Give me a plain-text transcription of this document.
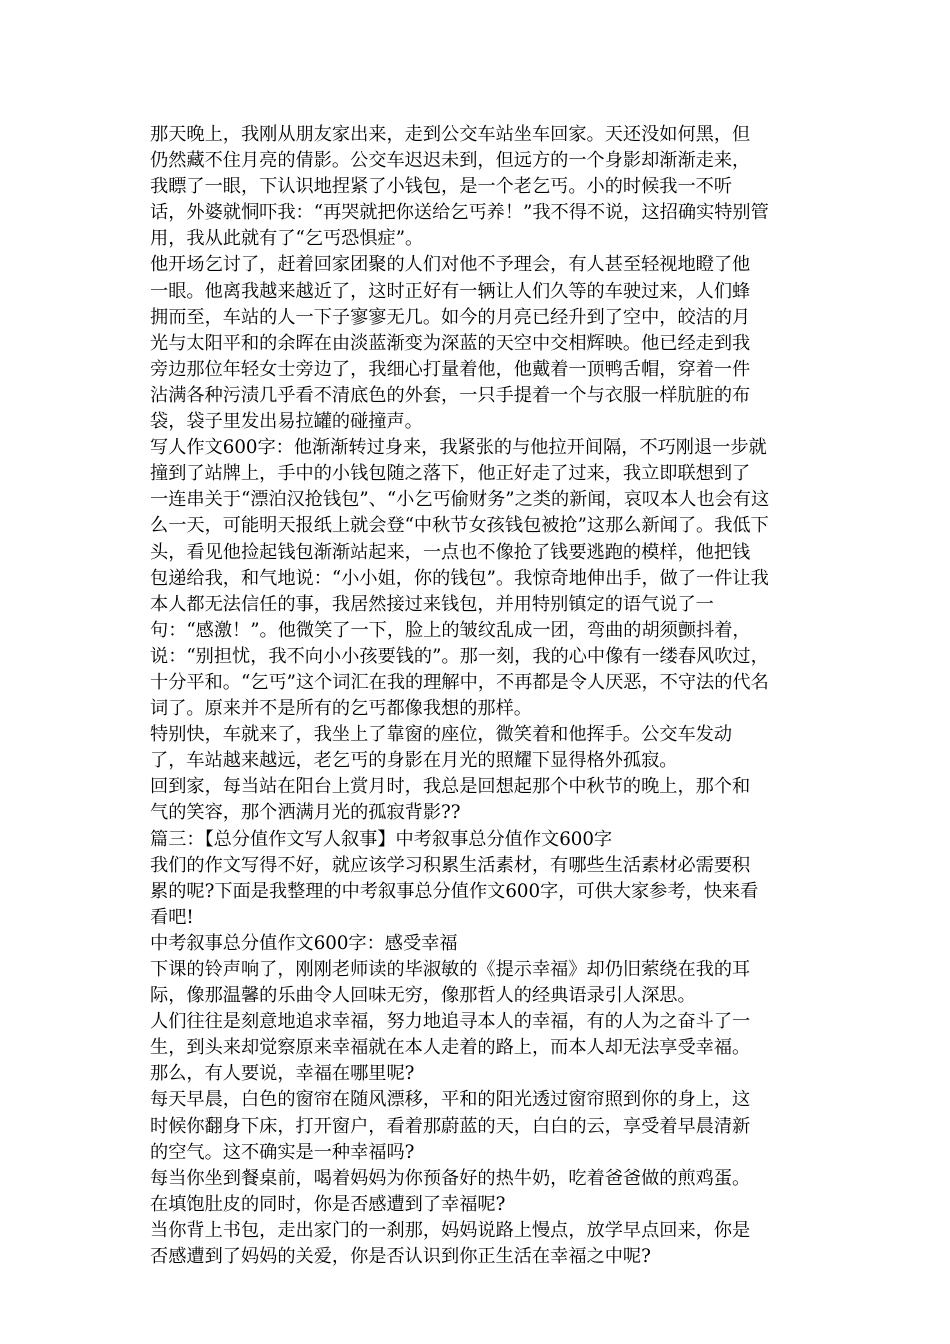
那天晚上，我刚从朋友家出来，走到公交车站坐车回家。天还没如何黑，但
仍然藏不住月亮的倩影。公交车迟迟未到，但远方的一个身影却渐渐走来，
我瞟了一眼，下认识地捏紧了小钱包，是一个老乞丐。小的时候我一不听
话，外婆就恫吓我：“再哭就把你送给乞丐养！”我不得不说，这招确实特别管
用，我从此就有了“乞丐恐惧症”。
他开场乞讨了，赶着回家团聚的人们对他不予理会，有人甚至轻视地瞪了他
一眼。他离我越来越近了，这时正好有一辆让人们久等的车驶过来，人们蜂
拥而至，车站的人一下子寥寥无几。如今的月亮已经升到了空中，皎洁的月
光与太阳平和的余晖在由淡蓝渐变为深蓝的天空中交相辉映。他已经走到我
旁边那位年轻女士旁边了，我细心打量着他，他戴着一顶鸭舌帽，穿着一件
沾满各种污渍几乎看不清底色的外套，一只手提着一个与衣服一样肮脏的布
袋，袋子里发出易拉罐的碰撞声。
写人作文600字：他渐渐转过身来，我紧张的与他拉开间隔，不巧刚退一步就
撞到了站牌上，手中的小钱包随之落下，他正好走了过来，我立即联想到了
一连串关于“漂泊汉抢钱包”、“小乞丐偷财务”之类的新闻，哀叹本人也会有这
么一天，可能明天报纸上就会登“中秋节女孩钱包被抢”这那么新闻了。我低下
头，看见他捡起钱包渐渐站起来，一点也不像抢了钱要逃跑的模样，他把钱
包递给我，和气地说：“小小姐，你的钱包”。我惊奇地伸出手，做了一件让我
本人都无法信任的事，我居然接过来钱包，并用特别镇定的语气说了一
句：“感激！”。他微笑了一下，脸上的皱纹乱成一团，弯曲的胡须颤抖着，
说：“别担忧，我不向小小孩要钱的”。那一刻，我的心中像有一缕春风吹过，
十分平和。“乞丐”这个词汇在我的理解中，不再都是令人厌恶，不守法的代名
词了。原来并不是所有的乞丐都像我想的那样。
特别快，车就来了，我坐上了靠窗的座位，微笑着和他挥手。公交车发动
了，车站越来越远，老乞丐的身影在月光的照耀下显得格外孤寂。
回到家，每当站在阳台上赏月时，我总是回想起那个中秋节的晚上，那个和
气的笑容，那个洒满月光的孤寂背影??
篇三：【总分值作文写人叙事】中考叙事总分值作文600字
我们的作文写得不好，就应该学习积累生活素材，有哪些生活素材必需要积
累的呢?下面是我整理的中考叙事总分值作文600字，可供大家参考，快来看
看吧!
中考叙事总分值作文600字：感受幸福
下课的铃声响了，刚刚老师读的毕淑敏的《提示幸福》却仍旧萦绕在我的耳
际，像那温馨的乐曲令人回味无穷，像那哲人的经典语录引人深思。
人们往往是刻意地追求幸福，努力地追寻本人的幸福，有的人为之奋斗了一
生，到头来却觉察原来幸福就在本人走着的路上，而本人却无法享受幸福。
那么，有人要说，幸福在哪里呢?
每天早晨，白色的窗帘在随风漂移，平和的阳光透过窗帘照到你的身上，这
时候你翻身下床，打开窗户，看着那蔚蓝的天，白白的云，享受着早晨清新
的空气。这不确实是一种幸福吗?
每当你坐到餐桌前，喝着妈妈为你预备好的热牛奶，吃着爸爸做的煎鸡蛋。
在填饱肚皮的同时，你是否感遭到了幸福呢?
当你背上书包，走出家门的一刹那，妈妈说路上慢点，放学早点回来，你是
否感遭到了妈妈的关爱，你是否认识到你正生活在幸福之中呢?
